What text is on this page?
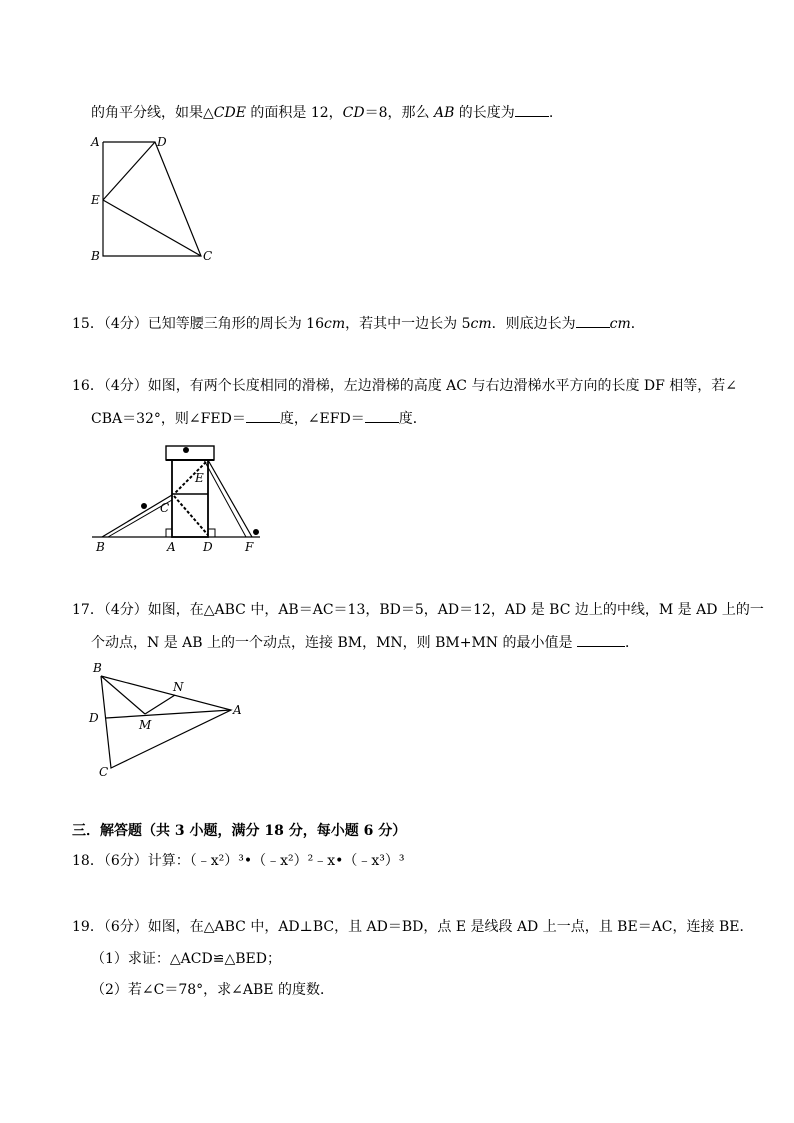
的角平分线，如果△CDE 的面积是 12，CD＝8，那么 AB 的长度为 .
A	D
E
B	C
15．（4分）已知等腰三角形的周长为 16cm，若其中一边长为 5cm．则底边长为 cm．
16．（4分）如图，有两个长度相同的滑梯，左边滑梯的高度 AC 与右边滑梯水平方向的长度 DF 相等，若∠
CBA＝32°，则∠FED＝ 度，∠EFD＝ 度．
B	A D	F
C
E
17．（4分）如图，在△ABC 中，AB＝AC＝13，BD＝5，AD＝12，AD 是 BC 边上的中线，M 是 AD 上的一
个动点，N 是 AB 上的一个动点，连接 BM，MN，则 BM+MN 的最小值是	．
B
N
D	M
A
C
三．解答题（共 3 小题，满分 18 分，每小题 6 分）
18．（6分）计算：（﹣x²）³•（﹣x²）²﹣x•（﹣x³）³
19．（6分）如图，在△ABC 中，AD⊥BC，且 AD＝BD，点 E 是线段 AD 上一点，且 BE＝AC，连接 BE．
（1）求证：△ACD≌△BED；
（2）若∠C＝78°，求∠ABE 的度数．
